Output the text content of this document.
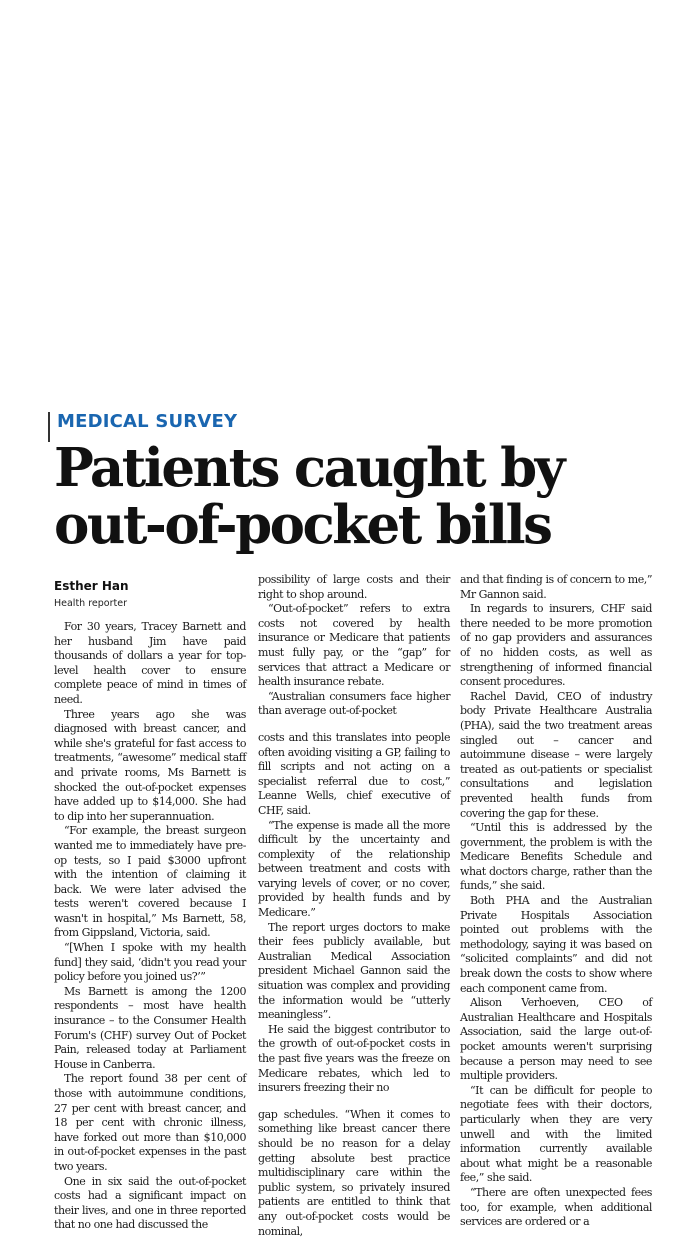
MEDICAL SURVEY
Patients caught by out-of-pocket bills
Esther Han
Health reporter

For 30 years, Tracey Barnett and her husband Jim have paid thousands of dollars a year for top-level health cover to ensure complete peace of mind in times of need.

Three years ago she was diagnosed with breast cancer, and while she's grateful for fast access to treatments, “awesome” medical staff and private rooms, Ms Barnett is shocked the out-of-pocket expenses have added up to $14,000. She had to dip into her superannuation.

“For example, the breast surgeon wanted me to immediately have pre-op tests, so I paid $3000 upfront with the intention of claiming it back. We were later advised the tests weren't covered because I wasn't in hospital,” Ms Barnett, 58, from Gippsland, Victoria, said.

“[When I spoke with my health fund] they said, ‘didn't you read your policy before you joined us?’”

Ms Barnett is among the 1200 respondents – most have health insurance – to the Consumer Health Forum's (CHF) survey Out of Pocket Pain, released today at Parliament House in Canberra.

The report found 38 per cent of those with autoimmune conditions, 27 per cent with breast cancer, and 18 per cent with chronic illness, have forked out more than $10,000 in out-of-pocket expenses in the past two years.

One in six said the out-of-pocket costs had a significant impact on their lives, and one in three reported that no one had discussed the

possibility of large costs and their right to shop around.

“Out-of-pocket” refers to extra costs not covered by health insurance or Medicare that patients must fully pay, or the “gap” for services that attract a Medicare or health insurance rebate.

“Australian consumers face higher than average out-of-pocket

costs and this translates into people often avoiding visiting a GP, failing to fill scripts and not acting on a specialist referral due to cost,” Leanne Wells, chief executive of CHF, said.

“The expense is made all the more difficult by the uncertainty and complexity of the relationship between treatment and costs with varying levels of cover, or no cover, provided by health funds and by Medicare.”

The report urges doctors to make their fees publicly available, but Australian Medical Association president Michael Gannon said the situation was complex and providing the information would be “utterly meaningless”.

He said the biggest contributor to the growth of out-of-pocket costs in the past five years was the freeze on Medicare rebates, which led to insurers freezing their no

gap schedules. “When it comes to something like breast cancer there should be no reason for a delay getting absolute best practice multidisciplinary care within the public system, so privately insured patients are entitled to think that any out-of-pocket costs would be nominal,

and that finding is of concern to me,” Mr Gannon said.

In regards to insurers, CHF said there needed to be more promotion of no gap providers and assurances of no hidden costs, as well as strengthening of informed financial consent procedures.

Rachel David, CEO of industry body Private Healthcare Australia (PHA), said the two treatment areas singled out – cancer and autoimmune disease – were largely treated as out-patients or specialist consultations and legislation prevented health funds from covering the gap for these.

“Until this is addressed by the government, the problem is with the Medicare Benefits Schedule and what doctors charge, rather than the funds,” she said.

Both PHA and the Australian Private Hospitals Association pointed out problems with the methodology, saying it was based on “solicited complaints” and did not break down the costs to show where each component came from.

Alison Verhoeven, CEO of Australian Healthcare and Hospitals Association, said the large out-of-pocket amounts weren't surprising because a person may need to see multiple providers.

“It can be difficult for people to negotiate fees with their doctors, particularly when they are very unwell and with the limited information currently available about what might be a reasonable fee,” she said.

“There are often unexpected fees too, for example, when additional services are ordered or a
